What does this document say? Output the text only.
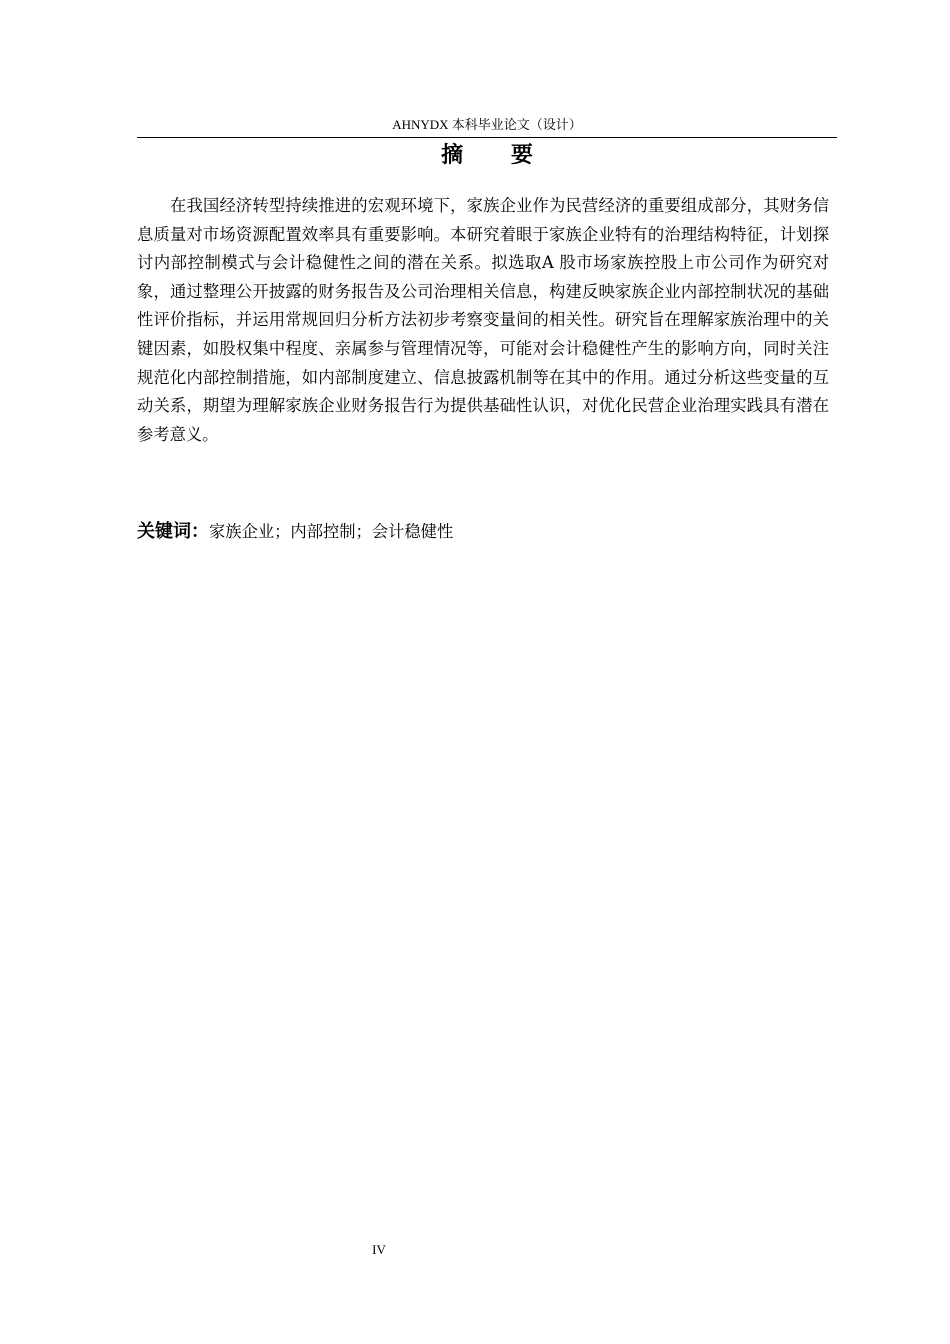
AHNYDX 本科毕业论文（设计）
摘 要

在我国经济转型持续推进的宏观环境下，家族企业作为民营经济的重要组成部分，其财务信息质量对市场资源配置效率具有重要影响。本研究着眼于家族企业特有的治理结构特征，计划探讨内部控制模式与会计稳健性之间的潜在关系。拟选取A 股市场家族控股上市公司作为研究对象，通过整理公开披露的财务报告及公司治理相关信息，构建反映家族企业内部控制状况的基础性评价指标，并运用常规回归分析方法初步考察变量间的相关性。研究旨在理解家族治理中的关键因素，如股权集中程度、亲属参与管理情况等，可能对会计稳健性产生的影响方向，同时关注规范化内部控制措施，如内部制度建立、信息披露机制等在其中的作用。通过分析这些变量的互动关系，期望为理解家族企业财务报告行为提供基础性认识，对优化民营企业治理实践具有潜在参考意义。

关键词：家族企业；内部控制；会计稳健性
IV
